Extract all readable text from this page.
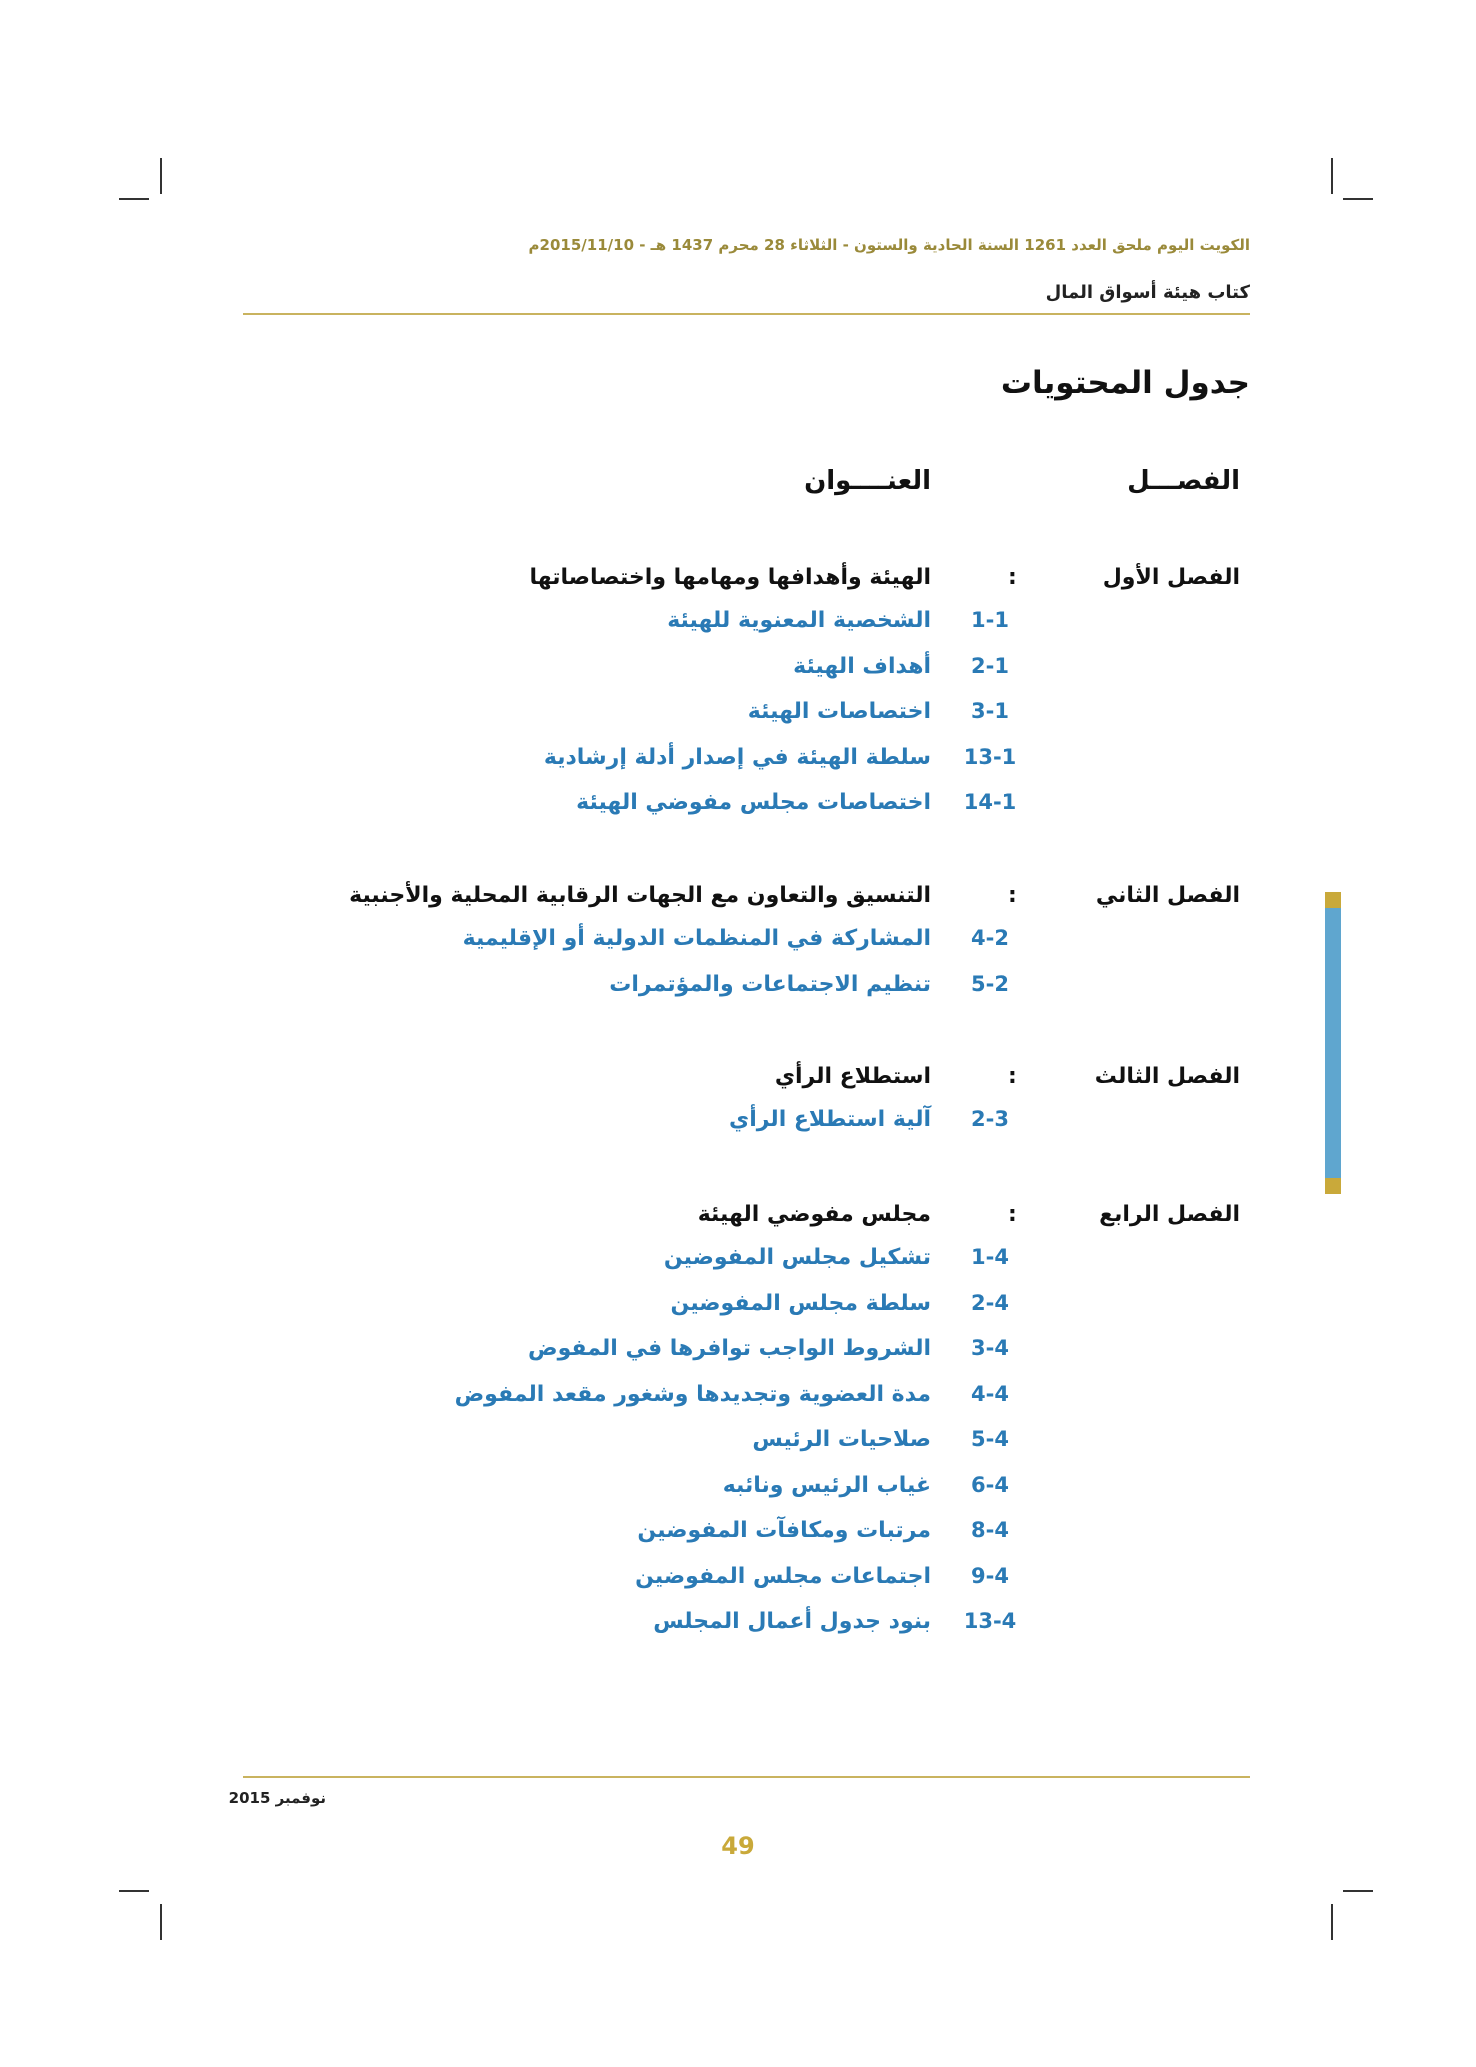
الكويت اليوم ملحق العدد 1261 السنة الحادية والستون - الثلاثاء 28 محرم 1437 هـ - 2015/11/10م
كتاب هيئة أسواق المال
جدول المحتويات
الفصـــل
العنــــوان
الفصل الأول
:
الهيئة وأهدافها ومهامها واختصاصاتها
1-1
الشخصية المعنوية للهيئة
2-1
أهداف الهيئة
3-1
اختصاصات الهيئة
13-1
سلطة الهيئة في إصدار أدلة إرشادية
14-1
اختصاصات مجلس مفوضي الهيئة
الفصل الثاني
:
التنسيق والتعاون مع الجهات الرقابية المحلية والأجنبية
4-2
المشاركة في المنظمات الدولية أو الإقليمية
5-2
تنظيم الاجتماعات والمؤتمرات
الفصل الثالث
:
استطلاع الرأي
2-3
آلية استطلاع الرأي
الفصل الرابع
:
مجلس مفوضي الهيئة
1-4
تشكيل مجلس المفوضين
2-4
سلطة مجلس المفوضين
3-4
الشروط الواجب توافرها في المفوض
4-4
مدة العضوية وتجديدها وشغور مقعد المفوض
5-4
صلاحيات الرئيس
6-4
غياب الرئيس ونائبه
8-4
مرتبات ومكافآت المفوضين
9-4
اجتماعات مجلس المفوضين
13-4
بنود جدول أعمال المجلس
نوفمبر 2015
49
